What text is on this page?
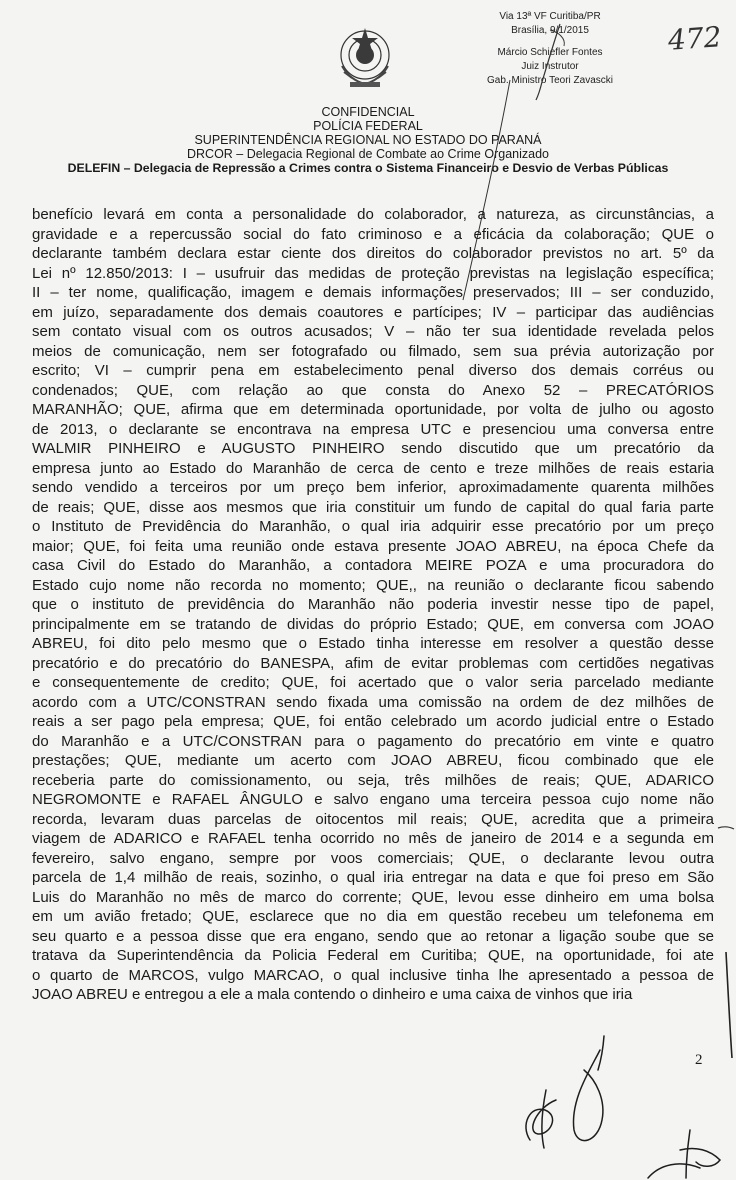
Via 13ª VF Curitiba/PR
Brasília, 9/1/2015
Márcio Schiefler Fontes
Juiz Instrutor
Gab. Ministro Teori Zavascki
472
CONFIDENCIAL
POLÍCIA FEDERAL
SUPERINTENDÊNCIA REGIONAL NO ESTADO DO PARANÁ
DRCOR – Delegacia Regional de Combate ao Crime Organizado
DELEFIN – Delegacia de Repressão a Crimes contra o Sistema Financeiro e Desvio de Verbas Públicas
benefício levará em conta a personalidade do colaborador, a natureza, as circunstâncias, a
gravidade e a repercussão social do fato criminoso e a eficácia da colaboração; QUE o
declarante também declara estar ciente dos direitos do colaborador previstos no art. 5º da
Lei nº 12.850/2013: I – usufruir das medidas de proteção previstas na legislação específica;
II – ter nome, qualificação, imagem e demais informações preservados; III – ser conduzido,
em juízo, separadamente dos demais coautores e partícipes; IV – participar das audiências
sem contato visual com os outros acusados; V – não ter sua identidade revelada pelos
meios de comunicação, nem ser fotografado ou filmado, sem sua prévia autorização por
escrito; VI – cumprir pena em estabelecimento penal diverso dos demais corréus ou
condenados; QUE, com relação ao que consta do Anexo 52 – PRECATÓRIOS
MARANHÃO; QUE, afirma que em determinada oportunidade, por volta de julho ou agosto
de 2013, o declarante se encontrava na empresa UTC e presenciou uma conversa entre
WALMIR PINHEIRO e AUGUSTO PINHEIRO sendo discutido que um precatório da
empresa junto ao Estado do Maranhão de cerca de cento e treze milhões de reais estaria
sendo vendido a terceiros por um preço bem inferior, aproximadamente quarenta milhões
de reais; QUE, disse aos mesmos que iria constituir um fundo de capital do qual faria parte
o Instituto de Previdência do Maranhão, o qual iria adquirir esse precatório por um preço
maior; QUE, foi feita uma reunião onde estava presente JOAO ABREU, na época Chefe da
casa Civil do Estado do Maranhão, a contadora MEIRE POZA e uma procuradora do
Estado cujo nome não recorda no momento; QUE,, na reunião o declarante ficou sabendo
que o instituto de previdência do Maranhão não poderia investir nesse tipo de papel,
principalmente em se tratando de dividas do próprio Estado; QUE, em conversa com JOAO
ABREU, foi dito pelo mesmo que o Estado tinha interesse em resolver a questão desse
precatório e do precatório do BANESPA, afim de evitar problemas com certidões negativas
e consequentemente de credito; QUE, foi acertado que o valor seria parcelado mediante
acordo com a UTC/CONSTRAN sendo fixada uma comissão na ordem de dez milhões de
reais a ser pago pela empresa; QUE, foi então celebrado um acordo judicial entre o Estado
do Maranhão e a UTC/CONSTRAN para o pagamento do precatório em vinte e quatro
prestações; QUE, mediante um acerto com JOAO ABREU, ficou combinado que ele
receberia parte do comissionamento, ou seja, três milhões de reais; QUE, ADARICO
NEGROMONTE e RAFAEL ÂNGULO e salvo engano uma terceira pessoa cujo nome não
recorda, levaram duas parcelas de oitocentos mil reais; QUE, acredita que a primeira
viagem de ADARICO e RAFAEL tenha ocorrido no mês de janeiro de 2014 e a segunda em
fevereiro, salvo engano, sempre por voos comerciais; QUE, o declarante levou outra
parcela de 1,4 milhão de reais, sozinho, o qual iria entregar na data e que foi preso em São
Luis do Maranhão no mês de marco do corrente; QUE, levou esse dinheiro em uma bolsa
em um avião fretado; QUE, esclarece que no dia em questão recebeu um telefonema em
seu quarto e a pessoa disse que era engano, sendo que ao retonar a ligação soube que se
tratava da Superintendência da Policia Federal em Curitiba; QUE, na oportunidade, foi ate
o quarto de MARCOS, vulgo MARCAO, o qual inclusive tinha lhe apresentado a pessoa de
JOAO ABREU e entregou a ele a mala contendo o dinheiro e uma caixa de vinhos que iria
2
